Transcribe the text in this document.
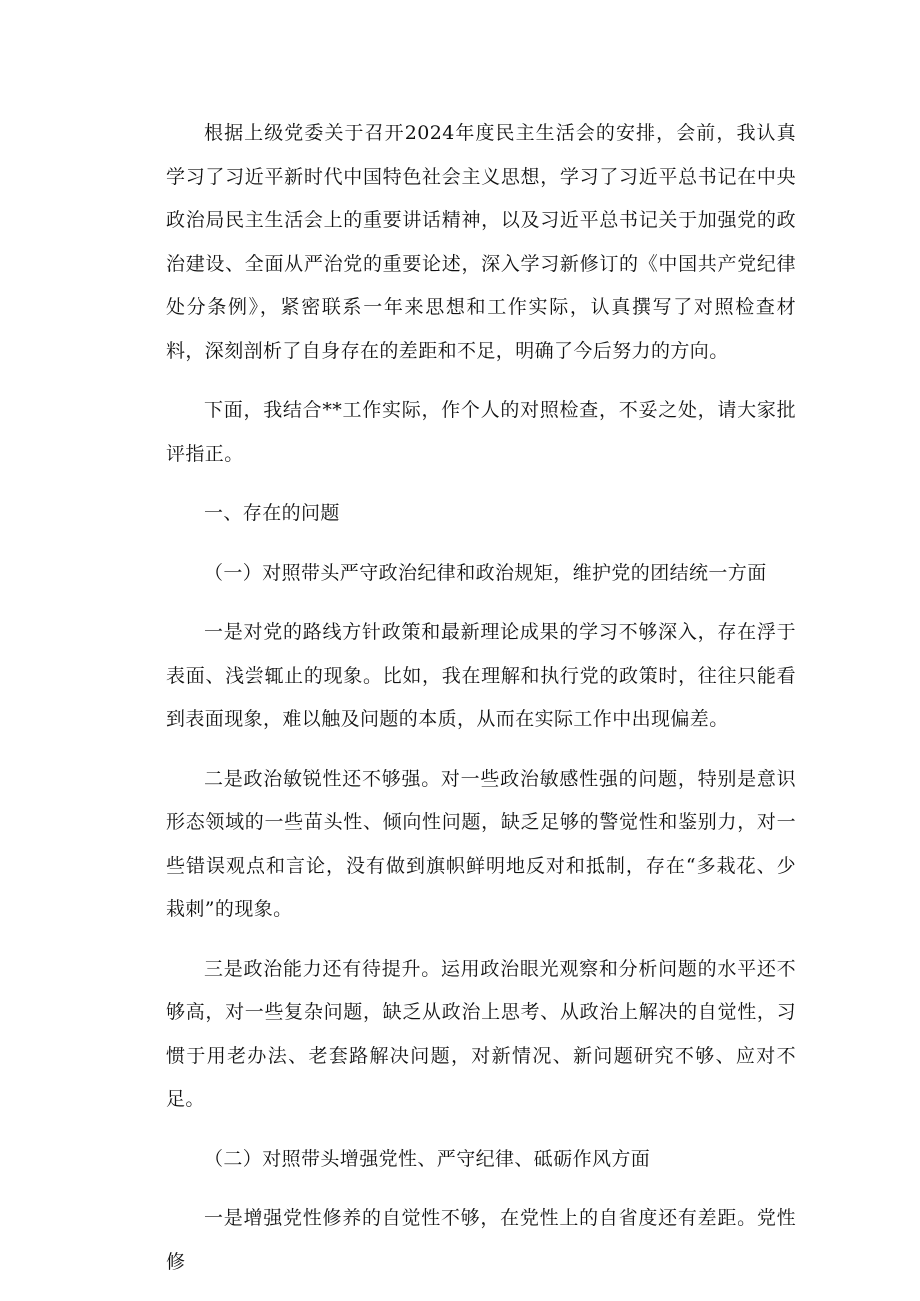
根据上级党委关于召开2024年度民主生活会的安排，会前，我认真学习了习近平新时代中国特色社会主义思想，学习了习近平总书记在中央政治局民主生活会上的重要讲话精神，以及习近平总书记关于加强党的政治建设、全面从严治党的重要论述，深入学习新修订的《中国共产党纪律处分条例》，紧密联系一年来思想和工作实际，认真撰写了对照检查材料，深刻剖析了自身存在的差距和不足，明确了今后努力的方向。

下面，我结合**工作实际，作个人的对照检查，不妥之处，请大家批评指正。

一、存在的问题

（一）对照带头严守政治纪律和政治规矩，维护党的团结统一方面

一是对党的路线方针政策和最新理论成果的学习不够深入，存在浮于表面、浅尝辄止的现象。比如，我在理解和执行党的政策时，往往只能看到表面现象，难以触及问题的本质，从而在实际工作中出现偏差。

二是政治敏锐性还不够强。对一些政治敏感性强的问题，特别是意识形态领域的一些苗头性、倾向性问题，缺乏足够的警觉性和鉴别力，对一些错误观点和言论，没有做到旗帜鲜明地反对和抵制，存在“多栽花、少栽刺”的现象。

三是政治能力还有待提升。运用政治眼光观察和分析问题的水平还不够高，对一些复杂问题，缺乏从政治上思考、从政治上解决的自觉性，习惯于用老办法、老套路解决问题，对新情况、新问题研究不够、应对不足。

（二）对照带头增强党性、严守纪律、砥砺作风方面

一是增强党性修养的自觉性不够，在党性上的自省度还有差距。党性修
